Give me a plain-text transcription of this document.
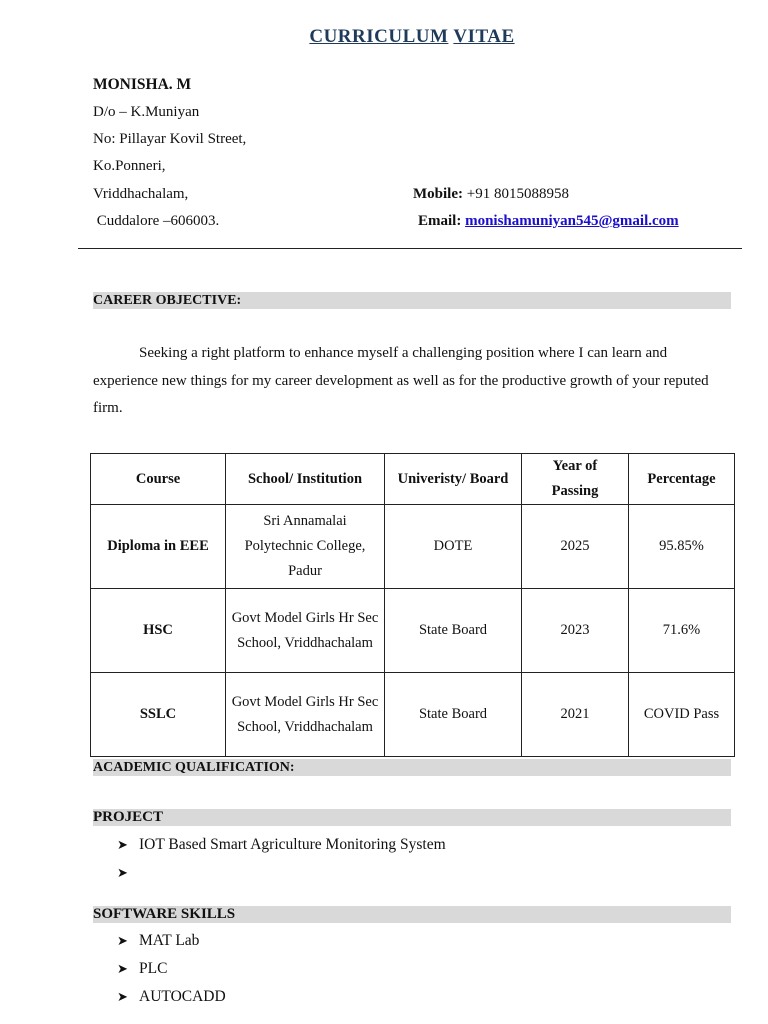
CURRICULUM VITAE
MONISHA. M
D/o – K.Muniyan
No: Pillayar Kovil Street,
Ko.Ponneri,
Vriddhachalam,
Cuddalore –606003.
Mobile: +91 8015088958
Email: monishamuniyan545@gmail.com
CAREER OBJECTIVE:
Seeking a right platform to enhance myself a challenging position where I can learn and experience new things for my career development as well as for the productive growth of your reputed firm.
Course	School/ Institution	Univeristy/ Board	Year of Passing	Percentage
Diploma in EEE	Sri Annamalai Polytechnic College, Padur	DOTE	2025	95.85%
HSC	Govt Model Girls Hr Sec School, Vriddhachalam	State Board	2023	71.6%
SSLC	Govt Model Girls Hr Sec School, Vriddhachalam	State Board	2021	COVID Pass
ACADEMIC QUALIFICATION:
PROJECT
➤ IOT Based Smart Agriculture Monitoring System
➤
SOFTWARE SKILLS
➤ MAT Lab
➤ PLC
➤ AUTOCADD
